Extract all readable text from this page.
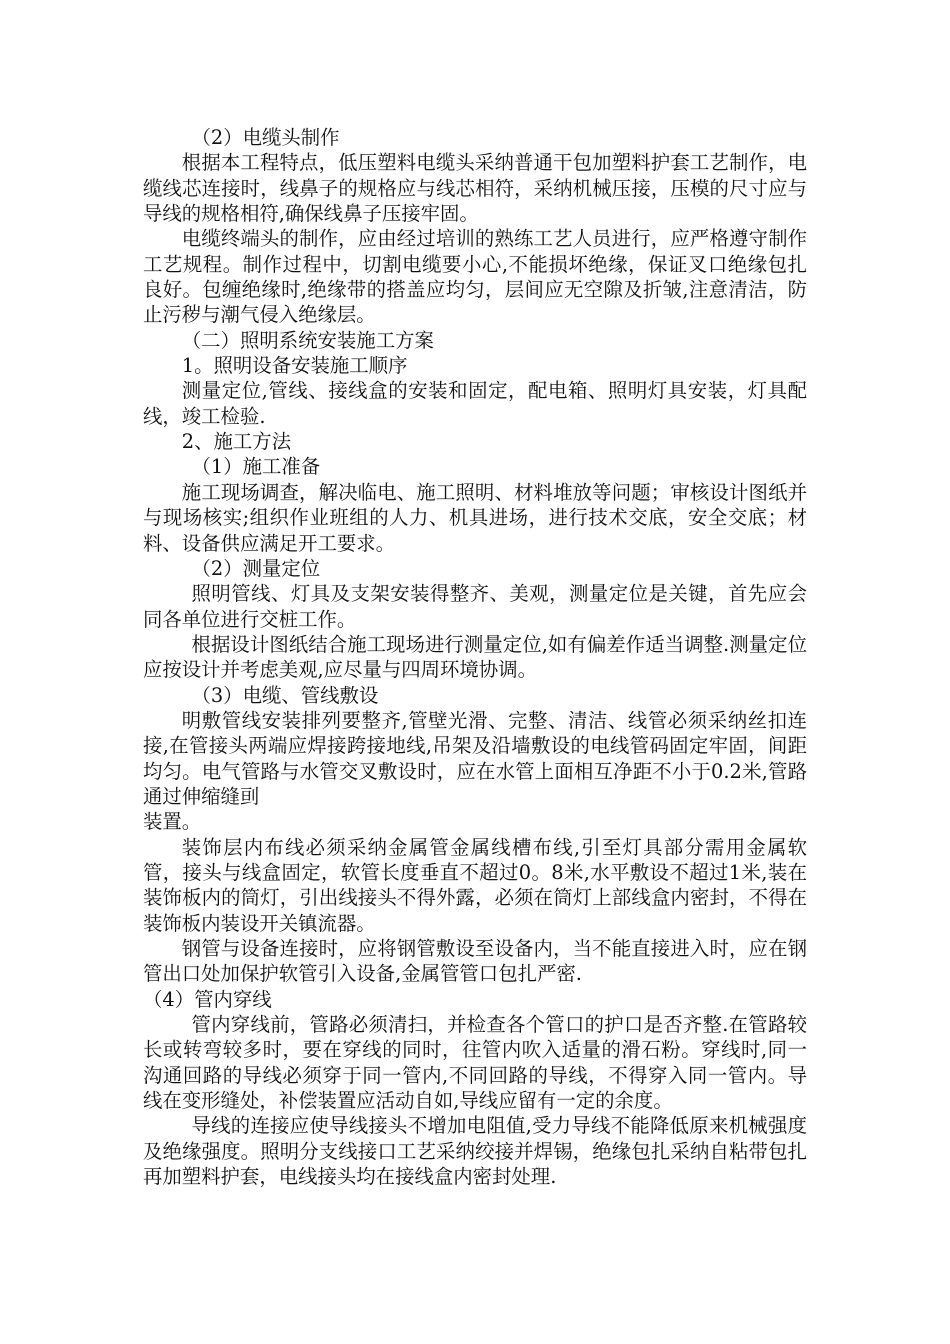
（2）电缆头制作

根据本工程特点，低压塑料电缆头采纳普通干包加塑料护套工艺制作，电缆线芯连接时，线鼻子的规格应与线芯相符，采纳机械压接，压模的尺寸应与导线的规格相符,确保线鼻子压接牢固。

电缆终端头的制作，应由经过培训的熟练工艺人员进行，应严格遵守制作工艺规程。制作过程中，切割电缆要小心,不能损坏绝缘，保证叉口绝缘包扎良好。包缠绝缘时,绝缘带的搭盖应均匀，层间应无空隙及折皱,注意清洁，防止污秽与潮气侵入绝缘层。

（二）照明系统安装施工方案

1。照明设备安装施工顺序

测量定位,管线、接线盒的安装和固定，配电箱、照明灯具安装，灯具配线，竣工检验.

2、施工方法

（1）施工准备

施工现场调查，解决临电、施工照明、材料堆放等问题；审核设计图纸并与现场核实;组织作业班组的人力、机具进场，进行技术交底，安全交底；材料、设备供应满足开工要求。

（2）测量定位

照明管线、灯具及支架安装得整齐、美观，测量定位是关键，首先应会同各单位进行交桩工作。

根据设计图纸结合施工现场进行测量定位,如有偏差作适当调整.测量定位应按设计并考虑美观,应尽量与四周环境协调。

（3）电缆、管线敷设

明敷管线安装排列要整齐,管壁光滑、完整、清洁、线管必须采纳丝扣连接,在管接头两端应焊接跨接地线,吊架及沿墙敷设的电线管码固定牢固，间距均匀。电气管路与水管交叉敷设时，应在水管上面相互净距不小于0.2米,管路通过伸缩缝刯

装置。

装饰层内布线必须采纳金属管金属线槽布线,引至灯具部分需用金属软管，接头与线盒固定，软管长度垂直不超过0。8米,水平敷设不超过1米,装在装饰板内的筒灯，引出线接头不得外露，必须在筒灯上部线盒内密封，不得在装饰板内装设开关镇流器。

钢管与设备连接时，应将钢管敷设至设备内，当不能直接进入时，应在钢管出口处加保护软管引入设备,金属管管口包扎严密.

（4）管内穿线

管内穿线前，管路必须清扫，并检查各个管口的护口是否齐整.在管路较长或转弯较多时，要在穿线的同时，往管内吹入适量的滑石粉。穿线时,同一沟通回路的导线必须穿于同一管内,不同回路的导线，不得穿入同一管内。导线在变形缝处，补偿装置应活动自如,导线应留有一定的余度。

导线的连接应使导线接头不增加电阻值,受力导线不能降低原来机械强度及绝缘强度。照明分支线接口工艺采纳绞接并焊锡，绝缘包扎采纳自粘带包扎再加塑料护套，电线接头均在接线盒内密封处理.
